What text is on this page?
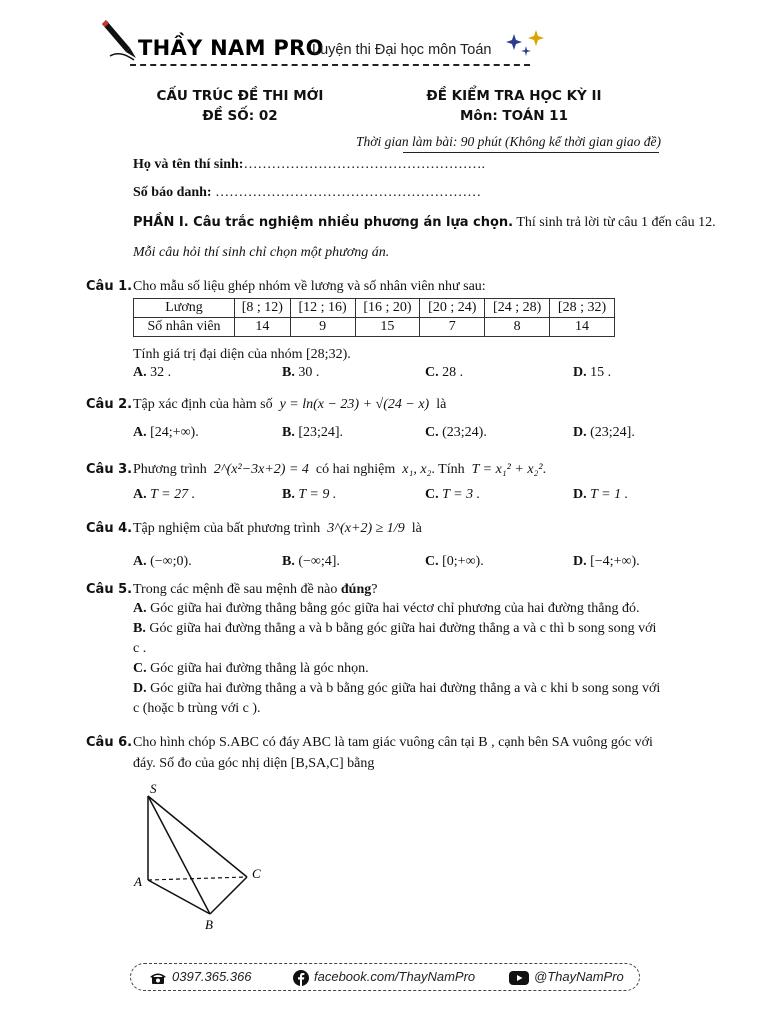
THẦY NAM PRO
Luyện thi Đại học môn Toán
CẤU TRÚC ĐỀ THI MỚI
ĐỀ SỐ: 02
ĐỀ KIỂM TRA HỌC KỲ II
Môn: TOÁN 11
Thời gian làm bài: 90 phút (Không kể thời gian giao đề)
Họ và tên thí sinh:…………………………………………….
Số báo danh: …………………………………………………
PHẦN I. Câu trắc nghiệm nhiều phương án lựa chọn. Thí sinh trả lời từ câu 1 đến câu 12.
Mỗi câu hỏi thí sinh chỉ chọn một phương án.
Câu 1. Cho mẫu số liệu ghép nhóm về lương và số nhân viên như sau:
Lương	[8 ; 12)	[12 ; 16)	[16 ; 20)	[20 ; 24)	[24 ; 28)	[28 ; 32)
Số nhân viên	14	9	15	7	8	14
Tính giá trị đại diện của nhóm [28;32).
A. 32 .	B. 30 .	C. 28 .	D. 15 .
Câu 2. Tập xác định của hàm số y = ln(x − 23) + √(24 − x) là
A. [24;+∞).	B. [23;24].	C. (23;24).	D. (23;24].
Câu 3. Phương trình 2^(x²−3x+2) = 4 có hai nghiệm x₁, x₂. Tính T = x₁² + x₂².
A. T = 27 .	B. T = 9 .	C. T = 3 .	D. T = 1 .
Câu 4. Tập nghiệm của bất phương trình 3^(x+2) ≥ 1/9 là
A. (−∞;0).	B. (−∞;4].	C. [0;+∞).	D. [−4;+∞).
Câu 5. Trong các mệnh đề sau mệnh đề nào đúng?
A. Góc giữa hai đường thẳng bằng góc giữa hai véctơ chỉ phương của hai đường thẳng đó.
B. Góc giữa hai đường thẳng a và b bằng góc giữa hai đường thẳng a và c thì b song song với
c .
C. Góc giữa hai đường thẳng là góc nhọn.
D. Góc giữa hai đường thẳng a và b bằng góc giữa hai đường thẳng a và c khi b song song với
c (hoặc b trùng với c ).
Câu 6. Cho hình chóp S.ABC có đáy ABC là tam giác vuông cân tại B , cạnh bên SA vuông góc với
đáy. Số đo của góc nhị diện [B,SA,C] bằng
S
A
B
C
0397.365.366	facebook.com/ThayNamPro	@ThayNamPro
